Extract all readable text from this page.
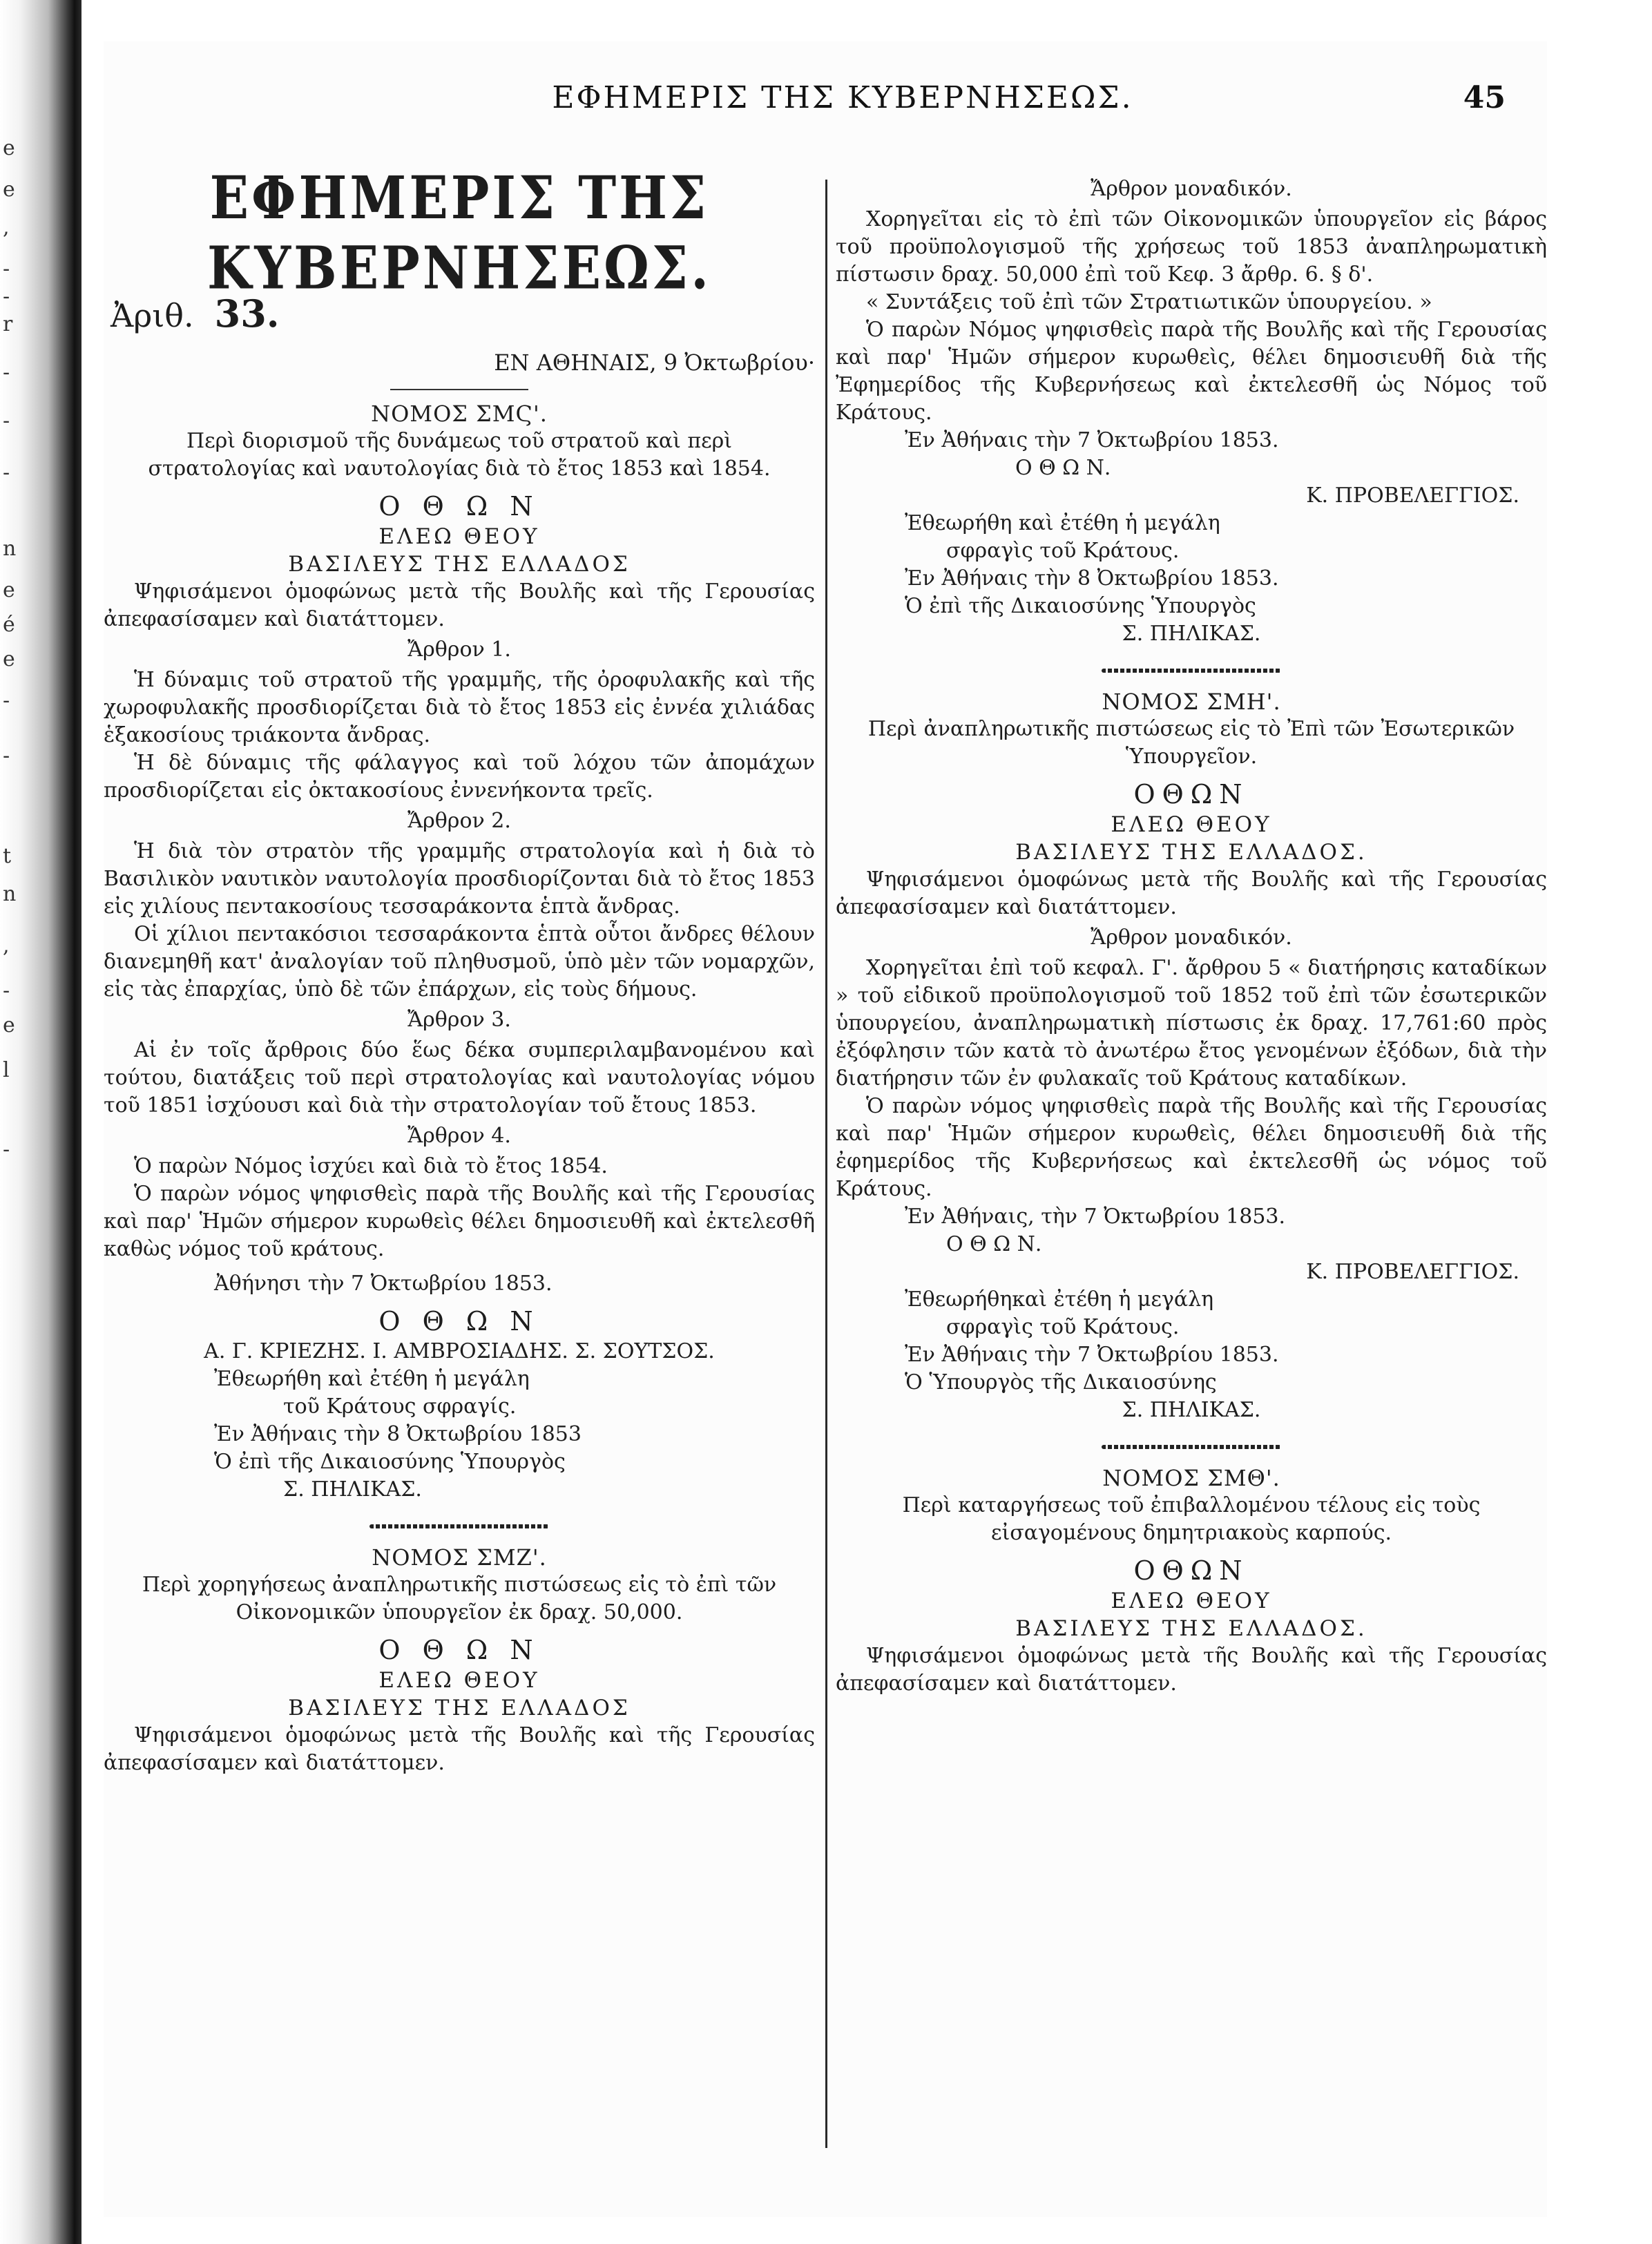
e
e
,
-
-
r
-
-
-
n
e
é
e
-
-
t
n
,
-
e
l
-
ΕΦΗΜΕΡΙΣ ΤΗΣ ΚΥΒΕΡΝΗΣΕΩΣ.	45
ΕΦΗΜΕΡΙΣ ΤΗΣ ΚΥΒΕΡΝΗΣΕΩΣ.
Ἀριθ. 33.
ΕΝ ΑΘΗΝΑΙΣ, 9 Ὀκτωβρίου·
ΝΟΜΟΣ ΣΜϚ'.
Περὶ διορισμοῦ τῆς δυνάμεως τοῦ στρατοῦ καὶ περὶ στρατολογίας καὶ ναυτολογίας διὰ τὸ ἔτος 1853 καὶ 1854.
Ο Θ Ω Ν
ΕΛΕΩ ΘΕΟΥ
ΒΑΣΙΛΕΥΣ ΤΗΣ ΕΛΛΑΔΟΣ

Ψηφισάμενοι ὁμοφώνως μετὰ τῆς Βουλῆς καὶ τῆς Γερουσίας ἀπεφασίσαμεν καὶ διατάττομεν.

Ἄρθρον 1.

Ἡ δύναμις τοῦ στρατοῦ τῆς γραμμῆς, τῆς ὀροφυλακῆς καὶ τῆς χωροφυλακῆς προσδιορίζεται διὰ τὸ ἔτος 1853 εἰς ἐννέα χιλιάδας ἑξακοσίους τριάκοντα ἄνδρας.

Ἡ δὲ δύναμις τῆς φάλαγγος καὶ τοῦ λόχου τῶν ἀπομάχων προσδιορίζεται εἰς ὀκτακοσίους ἐννενήκοντα τρεῖς.

Ἄρθρον 2.

Ἡ διὰ τὸν στρατὸν τῆς γραμμῆς στρατολογία καὶ ἡ διὰ τὸ Βασιλικὸν ναυτικὸν ναυτολογία προσδιορίζονται διὰ τὸ ἔτος 1853 εἰς χιλίους πεντακοσίους τεσσαράκοντα ἑπτὰ ἄνδρας.

Οἱ χίλιοι πεντακόσιοι τεσσαράκοντα ἑπτὰ οὗτοι ἄνδρες θέλουν διανεμηθῆ κατ' ἀναλογίαν τοῦ πληθυσμοῦ, ὑπὸ μὲν τῶν νομαρχῶν, εἰς τὰς ἐπαρχίας, ὑπὸ δὲ τῶν ἐπάρχων, εἰς τοὺς δήμους.

Ἄρθρον 3.

Αἱ ἐν τοῖς ἄρθροις δύο ἕως δέκα συμπεριλαμβανομένου καὶ τούτου, διατάξεις τοῦ περὶ στρατολογίας καὶ ναυτολογίας νόμου τοῦ 1851 ἰσχύουσι καὶ διὰ τὴν στρατολογίαν τοῦ ἔτους 1853.

Ἄρθρον 4.

Ὁ παρὼν Νόμος ἰσχύει καὶ διὰ τὸ ἔτος 1854.

Ὁ παρὼν νόμος ψηφισθεὶς παρὰ τῆς Βουλῆς καὶ τῆς Γερουσίας καὶ παρ' Ἡμῶν σήμερον κυρωθεὶς θέλει δημοσιευθῆ καὶ ἐκτελεσθῆ καθὼς νόμος τοῦ κράτους.

Ἀθήνησι τὴν 7 Ὀκτωβρίου 1853.
Ο Θ Ω Ν
Α. Γ. ΚΡΙΕΖΗΣ. Ι. ΑΜΒΡΟΣΙΑΔΗΣ. Σ. ΣΟΥΤΣΟΣ.
Ἐθεωρήθη καὶ ἐτέθη ἡ μεγάλη
τοῦ Κράτους σφραγίς.
Ἐν Ἀθήναις τὴν 8 Ὀκτωβρίου 1853
Ὁ ἐπὶ τῆς Δικαιοσύνης Ὑπουργὸς
Σ. ΠΗΛΙΚΑΣ.
ΝΟΜΟΣ ΣΜΖ'.
Περὶ χορηγήσεως ἀναπληρωτικῆς πιστώσεως εἰς τὸ ἐπὶ τῶν Οἰκονομικῶν ὑπουργεῖον ἐκ δραχ. 50,000.
Ο Θ Ω Ν
ΕΛΕΩ ΘΕΟΥ
ΒΑΣΙΛΕΥΣ ΤΗΣ ΕΛΛΑΔΟΣ

Ψηφισάμενοι ὁμοφώνως μετὰ τῆς Βουλῆς καὶ τῆς Γερουσίας ἀπεφασίσαμεν καὶ διατάττομεν.

Ἄρθρον μοναδικόν.

Χορηγεῖται εἰς τὸ ἐπὶ τῶν Οἰκονομικῶν ὑπουργεῖον εἰς βάρος τοῦ προϋπολογισμοῦ τῆς χρήσεως τοῦ 1853 ἀναπληρωματικὴ πίστωσιν δραχ. 50,000 ἐπὶ τοῦ Κεφ. 3 ἄρθρ. 6. § δ'.

« Συντάξεις τοῦ ἐπὶ τῶν Στρατιωτικῶν ὑπουργείου. »

Ὁ παρὼν Νόμος ψηφισθεὶς παρὰ τῆς Βουλῆς καὶ τῆς Γερουσίας καὶ παρ' Ἡμῶν σήμερον κυρωθεὶς, θέλει δημοσιευθῆ διὰ τῆς Ἐφημερίδος τῆς Κυβερνήσεως καὶ ἐκτελεσθῆ ὡς Νόμος τοῦ Κράτους.

Ἐν Ἀθήναις τὴν 7 Ὀκτωβρίου 1853.
Ο Θ Ω Ν.
Κ. ΠΡΟΒΕΛΕΓΓΙΟΣ.
Ἐθεωρήθη καὶ ἐτέθη ἡ μεγάλη
σφραγὶς τοῦ Κράτους.
Ἐν Ἀθήναις τὴν 8 Ὀκτωβρίου 1853.
Ὁ ἐπὶ τῆς Δικαιοσύνης Ὑπουργὸς
Σ. ΠΗΛΙΚΑΣ.
ΝΟΜΟΣ ΣΜΗ'.
Περὶ ἀναπληρωτικῆς πιστώσεως εἰς τὸ Ἐπὶ τῶν Ἐσωτερικῶν Ὑπουργεῖον.
ΟΘΩΝ
ΕΛΕΩ ΘΕΟΥ
ΒΑΣΙΛΕΥΣ ΤΗΣ ΕΛΛΑΔΟΣ.

Ψηφισάμενοι ὁμοφώνως μετὰ τῆς Βουλῆς καὶ τῆς Γερουσίας ἀπεφασίσαμεν καὶ διατάττομεν.

Ἄρθρον μοναδικόν.

Χορηγεῖται ἐπὶ τοῦ κεφαλ. Γ'. ἄρθρου 5 « διατήρησις καταδίκων » τοῦ εἰδικοῦ προϋπολογισμοῦ τοῦ 1852 τοῦ ἐπὶ τῶν ἐσωτερικῶν ὑπουργείου, ἀναπληρωματικὴ πίστωσις ἐκ δραχ. 17,761:60 πρὸς ἐξόφλησιν τῶν κατὰ τὸ ἀνωτέρω ἔτος γενομένων ἐξόδων, διὰ τὴν διατήρησιν τῶν ἐν φυλακαῖς τοῦ Κράτους καταδίκων.

Ὁ παρὼν νόμος ψηφισθεὶς παρὰ τῆς Βουλῆς καὶ τῆς Γερουσίας καὶ παρ' Ἡμῶν σήμερον κυρωθεὶς, θέλει δημοσιευθῆ διὰ τῆς ἐφημερίδος τῆς Κυβερνήσεως καὶ ἐκτελεσθῆ ὡς νόμος τοῦ Κράτους.

Ἐν Ἀθήναις, τὴν 7 Ὀκτωβρίου 1853.
Ο Θ Ω Ν.
Κ. ΠΡΟΒΕΛΕΓΓΙΟΣ.
Ἐθεωρήθηκαὶ ἐτέθη ἡ μεγάλη
σφραγὶς τοῦ Κράτους.
Ἐν Ἀθήναις τὴν 7 Ὀκτωβρίου 1853.
Ὁ Ὑπουργὸς τῆς Δικαιοσύνης
Σ. ΠΗΛΙΚΑΣ.
ΝΟΜΟΣ ΣΜΘ'.
Περὶ καταργήσεως τοῦ ἐπιβαλλομένου τέλους εἰς τοὺς εἰσαγομένους δημητριακοὺς καρπούς.
ΟΘΩΝ
ΕΛΕΩ ΘΕΟΥ
ΒΑΣΙΛΕΥΣ ΤΗΣ ΕΛΛΑΔΟΣ.

Ψηφισάμενοι ὁμοφώνως μετὰ τῆς Βουλῆς καὶ τῆς Γερουσίας ἀπεφασίσαμεν καὶ διατάττομεν.
